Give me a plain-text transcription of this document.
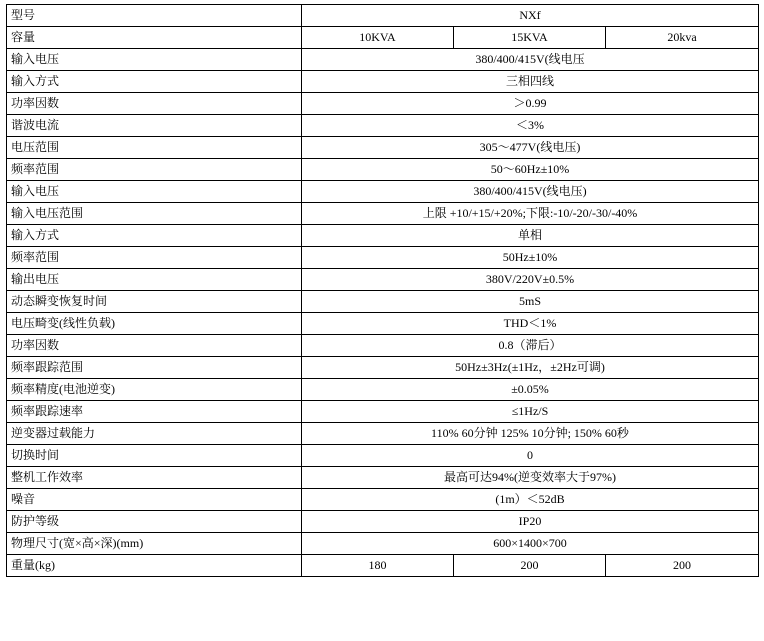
型号	NXf		
容量	10KVA	15KVA	20kva
输入电压	380/400/415V(线电压		
输入方式	三相四线		
功率因数	＞0.99		
谐波电流	＜3%		
电压范围	305～477V(线电压)		
频率范围	50～60Hz±10%		
输入电压	380/400/415V(线电压)		
输入电压范围	上限 +10/+15/+20%;下限:-10/-20/-30/-40%		
输入方式	单相		
频率范围	50Hz±10%		
输出电压	380V/220V±0.5%		
动态瞬变恢复时间	5mS		
电压畸变(线性负载)	THD＜1%		
功率因数	0.8（滞后）		
频率跟踪范围	50Hz±3Hz(±1Hz，±2Hz可调)		
频率精度(电池逆变)	±0.05%		
频率跟踪速率	≤1Hz/S		
逆变器过载能力	110% 60分钟 125% 10分钟; 150% 60秒		
切换时间	0		
整机工作效率	最高可达94%(逆变效率大于97%)		
噪音	(1m）＜52dB		
防护等级	IP20		
物理尺寸(宽×高×深)(mm)	600×1400×700		
重量(kg)	180	200	200
